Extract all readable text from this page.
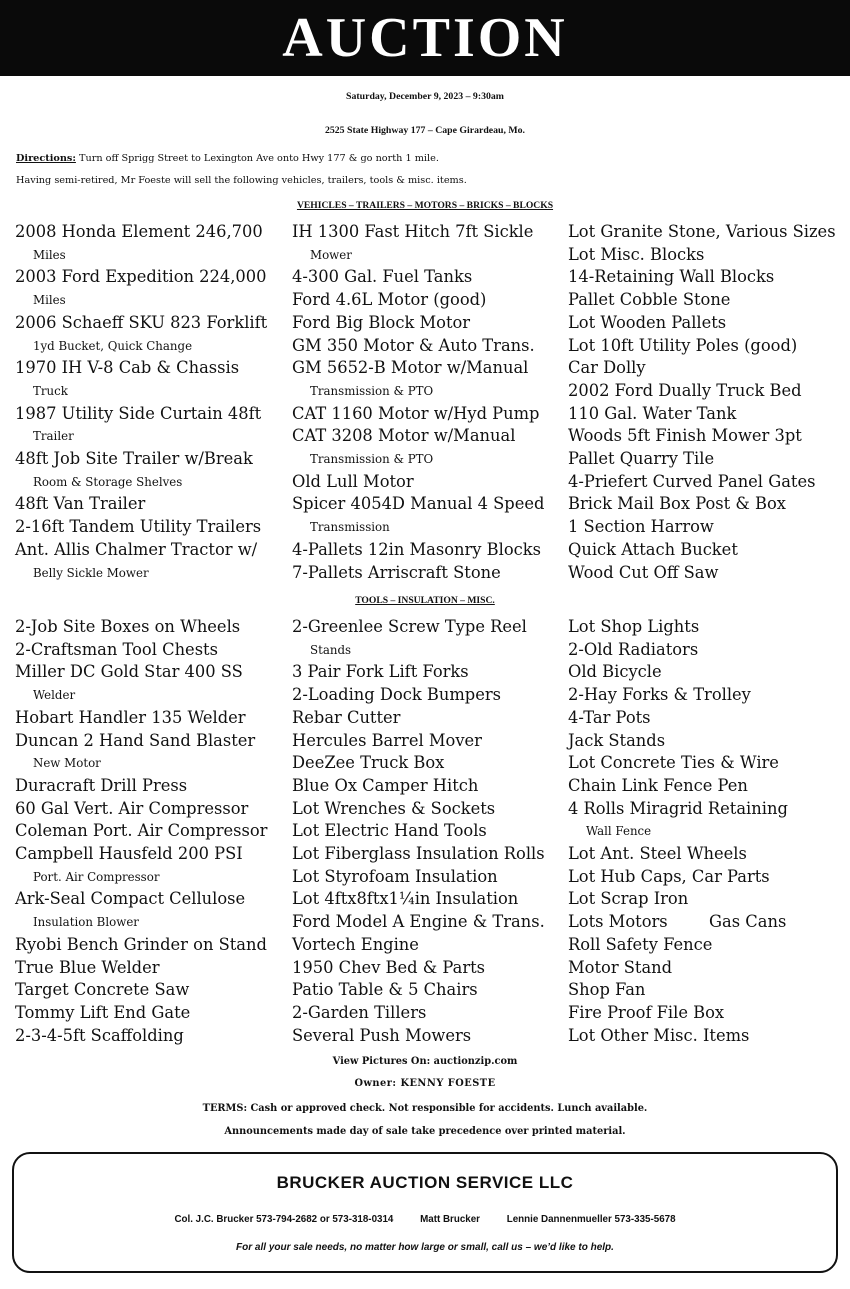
AUCTION
Saturday, December 9, 2023 – 9:30am
2525 State Highway 177 – Cape Girardeau, Mo.
Directions: Turn off Sprigg Street to Lexington Ave onto Hwy 177 & go north 1 mile.
Having semi-retired, Mr Foeste will sell the following vehicles, trailers, tools & misc. items.
VEHICLES – TRAILERS – MOTORS – BRICKS – BLOCKS
2008 Honda Element 246,700
Miles
2003 Ford Expedition 224,000
Miles
2006 Schaeff SKU 823 Forklift
1yd Bucket, Quick Change
1970 IH V-8 Cab & Chassis
Truck
1987 Utility Side Curtain 48ft
Trailer
48ft Job Site Trailer w/Break
Room & Storage Shelves
48ft Van Trailer
2-16ft Tandem Utility Trailers
Ant. Allis Chalmer Tractor w/
Belly Sickle Mower
IH 1300 Fast Hitch 7ft Sickle
Mower
4-300 Gal. Fuel Tanks
Ford 4.6L Motor (good)
Ford Big Block Motor
GM 350 Motor & Auto Trans.
GM 5652-B Motor w/Manual
Transmission & PTO
CAT 1160 Motor w/Hyd Pump
CAT 3208 Motor w/Manual
Transmission & PTO
Old Lull Motor
Spicer 4054D Manual 4 Speed
Transmission
4-Pallets 12in Masonry Blocks
7-Pallets Arriscraft Stone
Lot Granite Stone, Various Sizes
Lot Misc. Blocks
14-Retaining Wall Blocks
Pallet Cobble Stone
Lot Wooden Pallets
Lot 10ft Utility Poles (good)
Car Dolly
2002 Ford Dually Truck Bed
110 Gal. Water Tank
Woods 5ft Finish Mower 3pt
Pallet Quarry Tile
4-Priefert Curved Panel Gates
Brick Mail Box Post & Box
1 Section Harrow
Quick Attach Bucket
Wood Cut Off Saw
TOOLS – INSULATION – MISC.
2-Job Site Boxes on Wheels
2-Craftsman Tool Chests
Miller DC Gold Star 400 SS
Welder
Hobart Handler 135 Welder
Duncan 2 Hand Sand Blaster
New Motor
Duracraft Drill Press
60 Gal Vert. Air Compressor
Coleman Port. Air Compressor
Campbell Hausfeld 200 PSI
Port. Air Compressor
Ark-Seal Compact Cellulose
Insulation Blower
Ryobi Bench Grinder on Stand
True Blue Welder
Target Concrete Saw
Tommy Lift End Gate
2-3-4-5ft Scaffolding
2-Greenlee Screw Type Reel
Stands
3 Pair Fork Lift Forks
2-Loading Dock Bumpers
Rebar Cutter
Hercules Barrel Mover
DeeZee Truck Box
Blue Ox Camper Hitch
Lot Wrenches & Sockets
Lot Electric Hand Tools
Lot Fiberglass Insulation Rolls
Lot Styrofoam Insulation
Lot 4ftx8ftx1¼in Insulation
Ford Model A Engine & Trans.
Vortech Engine
1950 Chev Bed & Parts
Patio Table & 5 Chairs
2-Garden Tillers
Several Push Mowers
Lot Shop Lights
2-Old Radiators
Old Bicycle
2-Hay Forks & Trolley
4-Tar Pots
Jack Stands
Lot Concrete Ties & Wire
Chain Link Fence Pen
4 Rolls Miragrid Retaining
Wall Fence
Lot Ant. Steel Wheels
Lot Hub Caps, Car Parts
Lot Scrap Iron
Lots Motors        Gas Cans
Roll Safety Fence
Motor Stand
Shop Fan
Fire Proof File Box
Lot Other Misc. Items
View Pictures On: auctionzip.com
Owner: KENNY FOESTE
TERMS: Cash or approved check. Not responsible for accidents. Lunch available.
Announcements made day of sale take precedence over printed material.
BRUCKER AUCTION SERVICE LLC
Col. J.C. Brucker 573-794-2682 or 573-318-0314	Matt Brucker	Lennie Dannenmueller 573-335-5678
For all your sale needs, no matter how large or small, call us – we’d like to help.
